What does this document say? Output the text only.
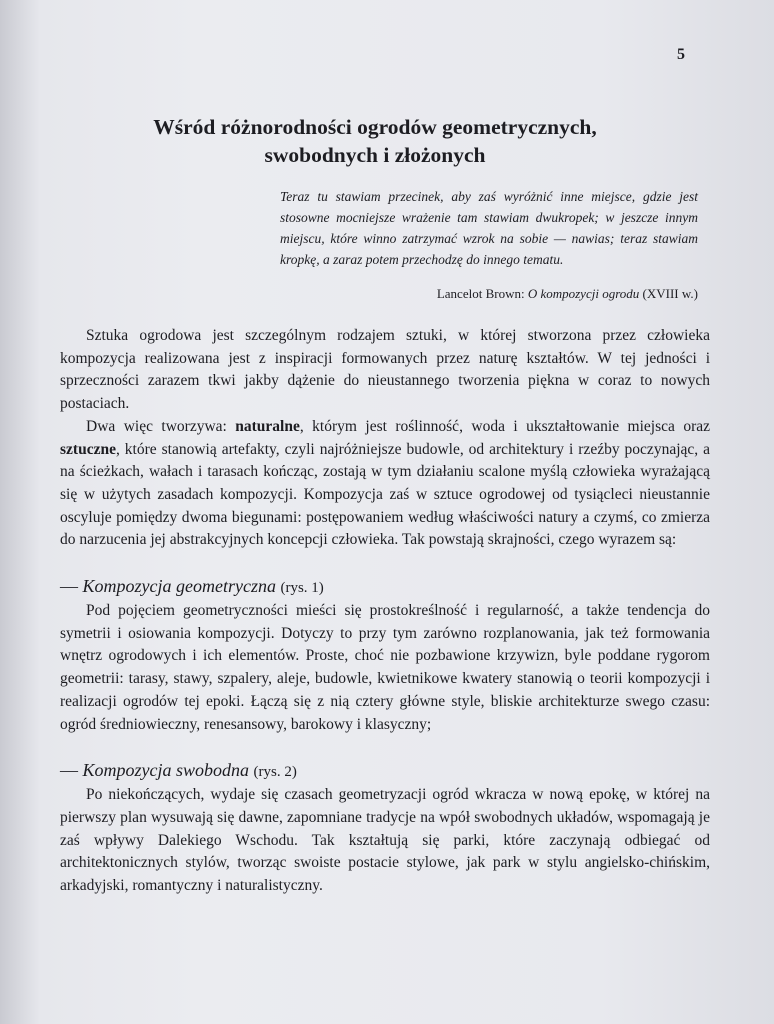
5
Wśród różnorodności ogrodów geometrycznych,
swobodnych i złożonych

Teraz tu stawiam przecinek, aby zaś wyróżnić inne miejsce, gdzie jest stosowne mocniejsze wrażenie tam stawiam dwukropek; w jeszcze innym miejscu, które winno zatrzymać wzrok na sobie — nawias; teraz stawiam kropkę, a zaraz potem przechodzę do innego tematu.

Lancelot Brown: O kompozycji ogrodu (XVIII w.)

Sztuka ogrodowa jest szczególnym rodzajem sztuki, w której stworzona przez człowieka kompozycja realizowana jest z inspiracji formowanych przez naturę kształtów. W tej jedności i sprzeczności zarazem tkwi jakby dążenie do nieustannego tworzenia piękna w coraz to nowych postaciach.

Dwa więc tworzywa: naturalne, którym jest roślinność, woda i ukształtowanie miejsca oraz sztuczne, które stanowią artefakty, czyli najróżniejsze budowle, od architektury i rzeźby poczynając, a na ścieżkach, wałach i tarasach kończąc, zostają w tym działaniu scalone myślą człowieka wyrażającą się w użytych zasadach kompozycji. Kompozycja zaś w sztuce ogrodowej od tysiącleci nieustannie oscyluje pomiędzy dwoma biegunami: postępowaniem według właściwości natury a czymś, co zmierza do narzucenia jej abstrakcyjnych koncepcji człowieka. Tak powstają skrajności, czego wyrazem są:

— Kompozycja geometryczna (rys. 1)

Pod pojęciem geometryczności mieści się prostokreślność i regularność, a także tendencja do symetrii i osiowania kompozycji. Dotyczy to przy tym zarówno rozplanowania, jak też formowania wnętrz ogrodowych i ich elementów. Proste, choć nie pozbawione krzywizn, byle poddane rygorom geometrii: tarasy, stawy, szpalery, aleje, budowle, kwietnikowe kwatery stanowią o teorii kompozycji i realizacji ogrodów tej epoki. Łączą się z nią cztery główne style, bliskie architekturze swego czasu: ogród średniowieczny, renesansowy, barokowy i klasyczny;

— Kompozycja swobodna (rys. 2)

Po niekończących, wydaje się czasach geometryzacji ogród wkracza w nową epokę, w której na pierwszy plan wysuwają się dawne, zapomniane tradycje na wpół swobodnych układów, wspomagają je zaś wpływy Dalekiego Wschodu. Tak kształtują się parki, które zaczynają odbiegać od architektonicznych stylów, tworząc swoiste postacie stylowe, jak park w stylu angielsko-chińskim, arkadyjski, romantyczny i naturalistyczny.
